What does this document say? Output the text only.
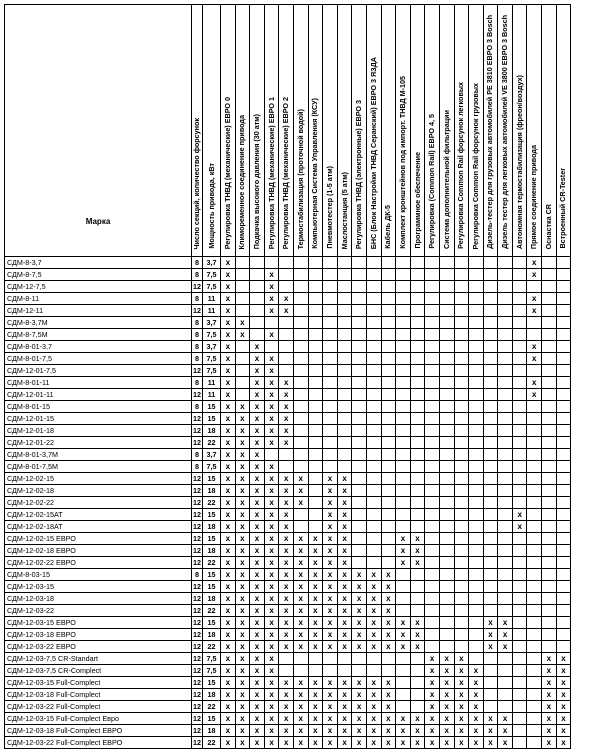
Марка	Число секций, количество форсунок	Мощность привода, кВт	Регулировка ТНВД (механические) ЕВРО 0	Климоременное соединение привода	Подкачка высокого давления (30 атм)	Регулировка ТНВД (механические) ЕВРО 1	Регулировка ТНВД (механические) ЕВРО 2	Термостабилизация (проточной водой)	Компьютерная Система Управления (КСУ)	Пневмотестер (1-5 атм)	Маслостанция (5 атм)	Регулировка ТНВД (электронные) ЕВРО 3	БНС (Блок Настройки ТНВД Серанский) ЕВРО 3 ЯЗДА	Кабель ДК-5	Комплект кронштейнов под импорт. ТНВД М-105	Программное обеспечение	Регулировка (Common Rail) ЕВРО 4, 5	Система дополнительной фильтрации	Регулировка Common Rail форсунок легковых	Регулировка Common Rail форсунок грузовых	Дизель-тестер для грузовых автомобилей PE 3810 ЕВРО 3 Bosch	Дизель тестер для легковых автомобилей VE 3800 ЕВРО 3 Bosch	Автономная термостабилизация (фреон/воздух)	Прямое соединение привода	Оснастка CR	Встроенный CR-Tester
СДМ-8-3,7	8	3,7	x																					x		
СДМ-8-7,5	8	7,5	x			x																		x		
СДМ-12-7,5	12	7,5	x			x																				
СДМ-8-11	8	11	x			x	x																	x		
СДМ-12-11	12	11	x			x	x																	x		
СДМ-8-3,7М	8	3,7	x	x																						
СДМ-8-7,5М	8	7,5	x	x		x																				
СДМ-8-01-3,7	8	3,7	x		x																			x		
СДМ-8-01-7,5	8	7,5	x		x	x																		x		
СДМ-12-01-7,5	12	7,5	x		x	x																				
СДМ-8-01-11	8	11	x		x	x	x																	x		
СДМ-12-01-11	12	11	x		x	x	x																	x		
СДМ-8-01-15	8	15	x	x	x	x	x																			
СДМ-12-01-15	12	15	x	x	x	x	x																			
СДМ-12-01-18	12	18	x	x	x	x	x																			
СДМ-12-01-22	12	22	x	x	x	x	x																			
СДМ-8-01-3,7М	8	3,7	x	x	x																					
СДМ-8-01-7,5М	8	7,5	x	x	x	x																				
СДМ-12-02-15	12	15	x	x	x	x	x	x		x	x															
СДМ-12-02-18	12	18	x	x	x	x	x	x		x	x															
СДМ-12-02-22	12	22	x	x	x	x	x	x		x	x															
СДМ-12-02-15АТ	12	15	x	x	x	x	x			x	x												x			
СДМ-12-02-18АТ	12	18	x	x	x	x	x			x	x												x			
СДМ-12-02-15 ЕВРО	12	15	x	x	x	x	x	x	x	x	x				x	x										
СДМ-12-02-18 ЕВРО	12	18	x	x	x	x	x	x	x	x	x				x	x										
СДМ-12-02-22 ЕВРО	12	22	x	x	x	x	x	x	x	x	x				x	x										
СДМ-8-03-15	8	15	x	x	x	x	x	x	x	x	x	x	x	x												
СДМ-12-03-15	12	15	x	x	x	x	x	x	x	x	x	x	x	x												
СДМ-12-03-18	12	18	x	x	x	x	x	x	x	x	x	x	x	x												
СДМ-12-03-22	12	22	x	x	x	x	x	x	x	x	x	x	x	x												
СДМ-12-03-15 ЕВРО	12	15	x	x	x	x	x	x	x	x	x	x	x	x	x	x					x	x				
СДМ-12-03-18 ЕВРО	12	18	x	x	x	x	x	x	x	x	x	x	x	x	x	x					x	x				
СДМ-12-03-22 ЕВРО	12	22	x	x	x	x	x	x	x	x	x	x	x	x	x	x					x	x				
СДМ-12-03-7,5 CR-Standart	12	7,5	x	x	x	x											x	x	x						x	x
СДМ-12-03-7,5 CR-Complect	12	7,5	x	x	x	x											x	x	x	x					x	x
СДМ-12-03-15 Full-Complect	12	15	x	x	x	x	x	x	x	x	x	x	x	x			x	x	x	x					x	x
СДМ-12-03-18 Full-Complect	12	18	x	x	x	x	x	x	x	x	x	x	x	x			x	x	x	x					x	x
СДМ-12-03-22 Full-Complect	12	22	x	x	x	x	x	x	x	x	x	x	x	x			x	x	x	x					x	x
СДМ-12-03-15 Full-Complect Евро	12	15	x	x	x	x	x	x	x	x	x	x	x	x	x	x	x	x	x	x	x	x			x	x
СДМ-12-03-18 Full-Complect ЕВРО	12	18	x	x	x	x	x	x	x	x	x	x	x	x	x	x	x	x	x	x	x	x			x	x
СДМ-12-03-22 Full-Complect ЕВРО	12	22	x	x	x	x	x	x	x	x	x	x	x	x	x	x	x	x	x	x	x	x			x	x
